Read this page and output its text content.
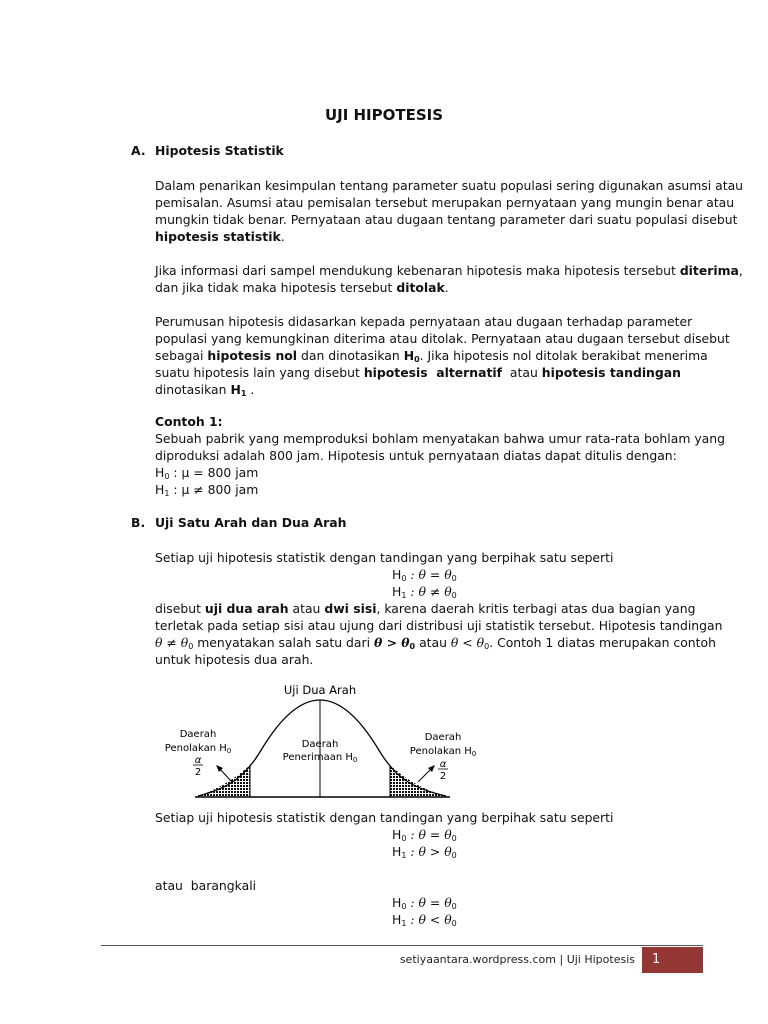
UJI HIPOTESIS
A. Hipotesis Statistik
Dalam penarikan kesimpulan tentang parameter suatu populasi sering digunakan asumsi atau
pemisalan. Asumsi atau pemisalan tersebut merupakan pernyataan yang mungin benar atau
mungkin tidak benar. Pernyataan atau dugaan tentang parameter dari suatu populasi disebut
hipotesis statistik.
Jika informasi dari sampel mendukung kebenaran hipotesis maka hipotesis tersebut diterima,
dan jika tidak maka hipotesis tersebut ditolak.
Perumusan hipotesis didasarkan kepada pernyataan atau dugaan terhadap parameter
populasi yang kemungkinan diterima atau ditolak. Pernyataan atau dugaan tersebut disebut
sebagai hipotesis nol dan dinotasikan $H_0$. Jika hipotesis nol ditolak berakibat menerima
suatu hipotesis lain yang disebut hipotesis  alternatif  atau hipotesis tandingan
dinotasikan $H_1$ .
Contoh 1:
Sebuah pabrik yang memproduksi bohlam menyatakan bahwa umur rata-rata bohlam yang
diproduksi adalah 800 jam. Hipotesis untuk pernyataan diatas dapat ditulis dengan:
$H_0$ : μ = 800 jam
$H_1$ : μ ≠ 800 jam
B. Uji Satu Arah dan Dua Arah
Setiap uji hipotesis statistik dengan tandingan yang berpihak satu seperti
$H_0$ : $\theta = \theta_0$
$H_1$ : $\theta \ne \theta_0$
disebut uji dua arah atau dwi sisi, karena daerah kritis terbagi atas dua bagian yang
terletak pada setiap sisi atau ujung dari distribusi uji statistik tersebut. Hipotesis tandingan
$\theta \ne \theta_0$ menyatakan salah satu dari $\theta > \theta_0$ atau $\theta < \theta_0$. Contoh 1 diatas merupakan contoh
untuk hipotesis dua arah.
Uji Dua Arah
Daerah
Penolakan $H_0$
α
2
Daerah
Penerimaan $H_0$
Daerah
Penolakan $H_0$
α
2
Setiap uji hipotesis statistik dengan tandingan yang berpihak satu seperti
$H_0$ : $\theta = \theta_0$
$H_1$ : $\theta > \theta_0$
atau  barangkali
$H_0$ : $\theta = \theta_0$
$H_1$ : $\theta < \theta_0$
setiyaantara.wordpress.com | Uji Hipotesis	1
